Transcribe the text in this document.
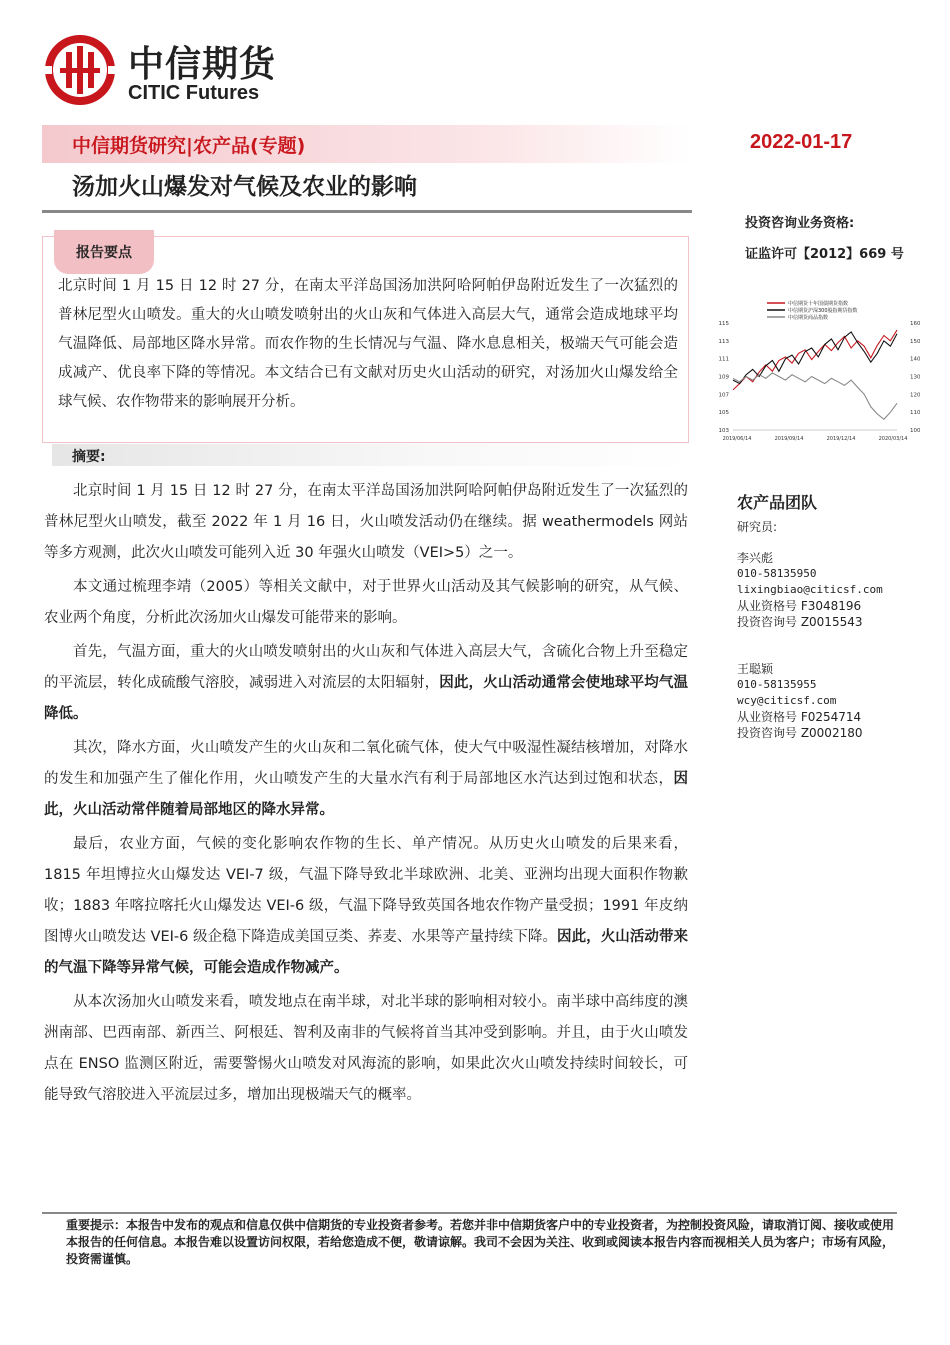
中信期货
CITIC Futures
中信期货研究|农产品(专题)	2022-01-17
汤加火山爆发对气候及农业的影响
投资咨询业务资格:
证监许可【2012】669 号
报告要点
北京时间 1 月 15 日 12 时 27 分，在南太平洋岛国汤加洪阿哈阿帕伊岛附近发生了一次猛烈的普林尼型火山喷发。重大的火山喷发喷射出的火山灰和气体进入高层大气，通常会造成地球平均气温降低、局部地区降水异常。而农作物的生长情况与气温、降水息息相关，极端天气可能会造成减产、优良率下降的等情况。本文结合已有文献对历史火山活动的研究，对汤加火山爆发给全球气候、农作物带来的影响展开分析。
摘要:

北京时间 1 月 15 日 12 时 27 分，在南太平洋岛国汤加洪阿哈阿帕伊岛附近发生了一次猛烈的普林尼型火山喷发，截至 2022 年 1 月 16 日，火山喷发活动仍在继续。据 weathermodels 网站等多方观测，此次火山喷发可能列入近 30 年强火山喷发（VEI>5）之一。

本文通过梳理李靖（2005）等相关文献中，对于世界火山活动及其气候影响的研究，从气候、农业两个角度，分析此次汤加火山爆发可能带来的影响。

首先，气温方面，重大的火山喷发喷射出的火山灰和气体进入高层大气，含硫化合物上升至稳定的平流层，转化成硫酸气溶胶，减弱进入对流层的太阳辐射，因此，火山活动通常会使地球平均气温降低。

其次，降水方面，火山喷发产生的火山灰和二氧化硫气体，使大气中吸湿性凝结核增加，对降水的发生和加强产生了催化作用，火山喷发产生的大量水汽有利于局部地区水汽达到过饱和状态，因此，火山活动常伴随着局部地区的降水异常。

最后，农业方面，气候的变化影响农作物的生长、单产情况。从历史火山喷发的后果来看，1815 年坦博拉火山爆发达 VEI-7 级，气温下降导致北半球欧洲、北美、亚洲均出现大面积作物歉收；1883 年喀拉喀托火山爆发达 VEI-6 级，气温下降导致英国各地农作物产量受损；1991 年皮纳图博火山喷发达 VEI-6 级企稳下降造成美国豆类、荞麦、水果等产量持续下降。因此，火山活动带来的气温下降等异常气候，可能会造成作物减产。

从本次汤加火山喷发来看，喷发地点在南半球，对北半球的影响相对较小。南半球中高纬度的澳洲南部、巴西南部、新西兰、阿根廷、智利及南非的气候将首当其冲受到影响。并且，由于火山喷发点在 ENSO 监测区附近，需要警惕火山喷发对风海流的影响，如果此次火山喷发持续时间较长，可能导致气溶胶进入平流层过多，增加出现极端天气的概率。

中信期货十年国债期货指数
中信期货沪深300股指期货指数
中信期货商品指数
103
105
107
109
111
113
115
100
110
120
130
140
150
160
2019/06/14	2019/09/14	2019/12/14	2020/03/14
农产品团队
研究员:
李兴彪
010-58135950
lixingbiao@citicsf.com
从业资格号 F3048196
投资咨询号 Z0015543
王聪颖
010-58135955
wcy@citicsf.com
从业资格号 F0254714
投资咨询号 Z0002180
重要提示：本报告中发布的观点和信息仅供中信期货的专业投资者参考。若您并非中信期货客户中的专业投资者，为控制投资风险，请取消订阅、接收或使用本报告的任何信息。本报告难以设置访问权限，若给您造成不便，敬请谅解。我司不会因为关注、收到或阅读本报告内容而视相关人员为客户；市场有风险，投资需谨慎。
